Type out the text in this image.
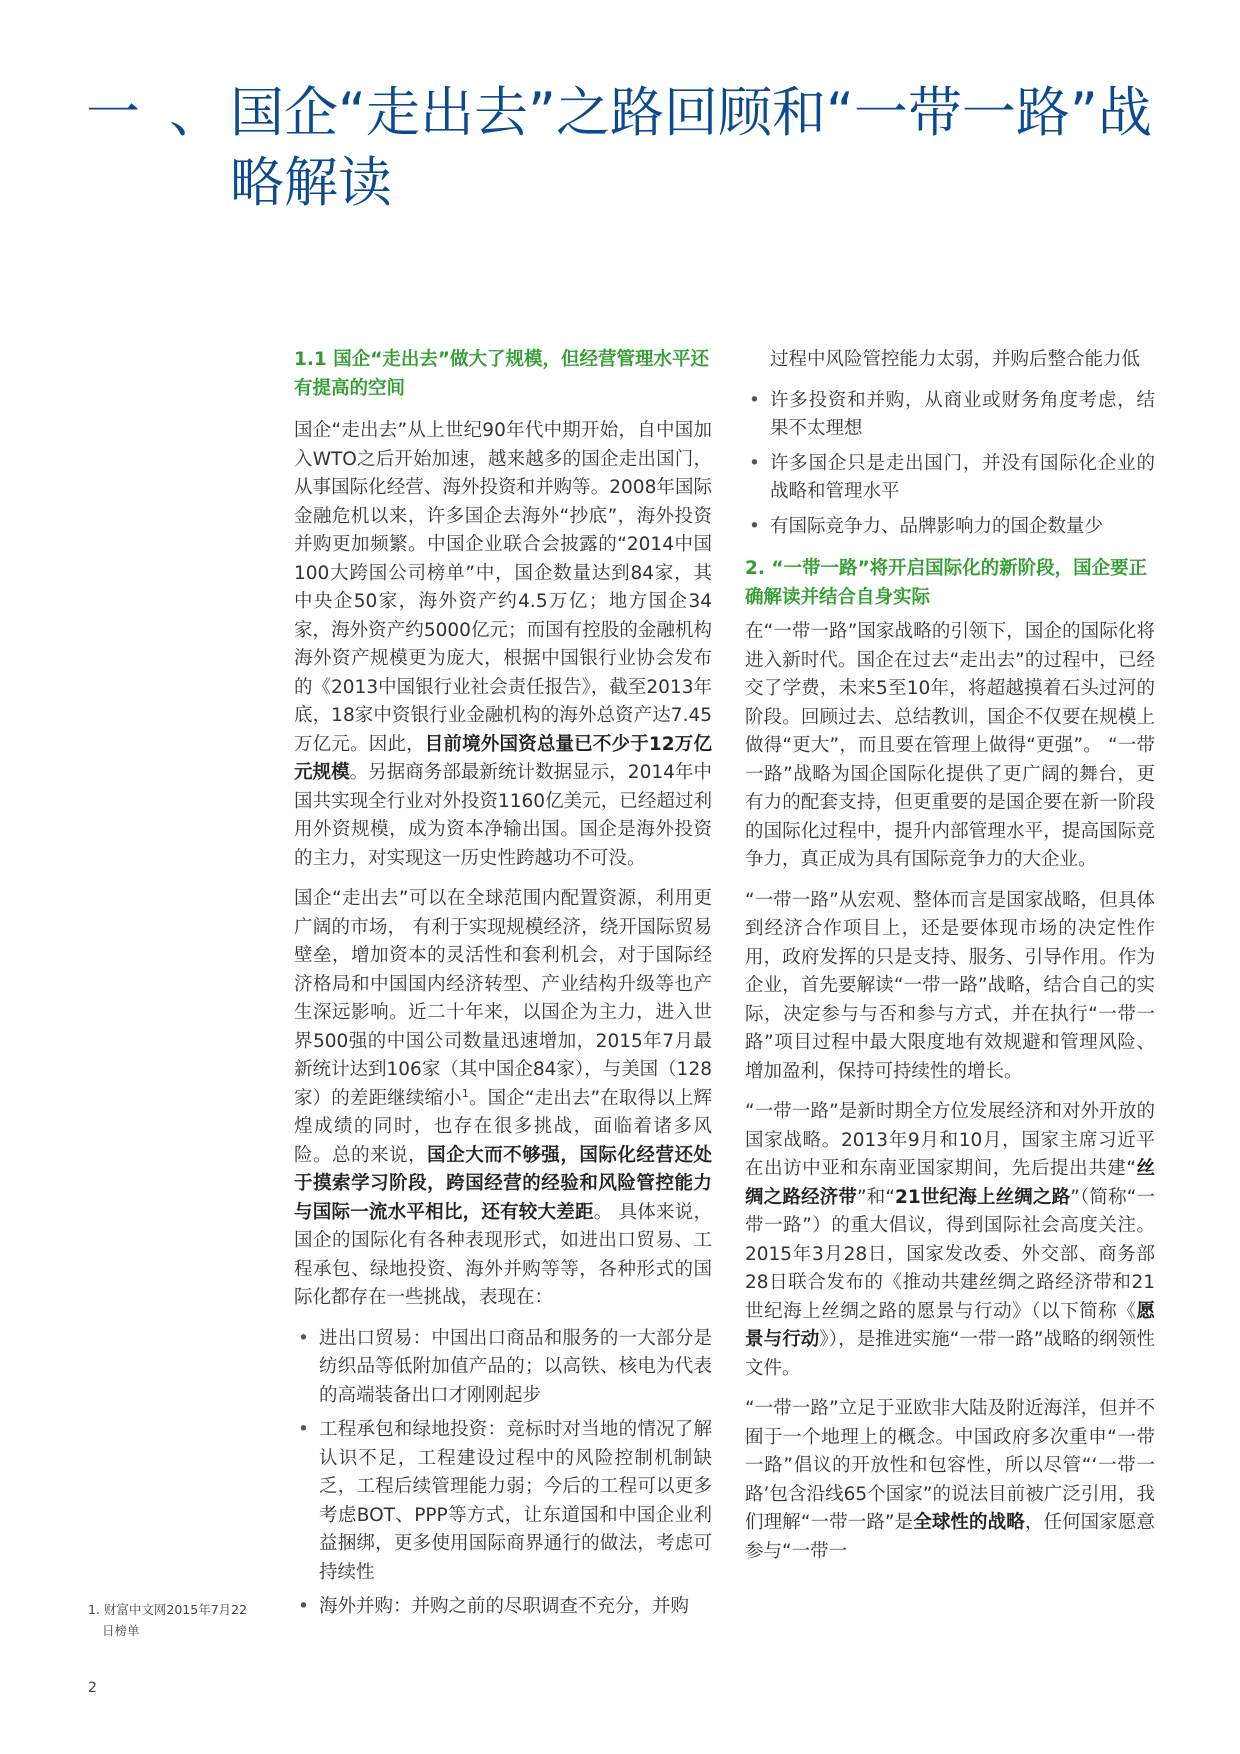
一 、 国企“走出去”之路回顾和“一带一路”战略解读
1.1 国企“走出去”做大了规模，但经营管理水平还有提高的空间

国企“走出去”从上世纪90年代中期开始，自中国加入WTO之后开始加速，越来越多的国企走出国门，从事国际化经营、海外投资和并购等。2008年国际金融危机以来，许多国企去海外“抄底”，海外投资并购更加频繁。中国企业联合会披露的“2014中国100大跨国公司榜单”中，国企数量达到84家，其中央企50家，海外资产约4.5万亿；地方国企34家，海外资产约5000亿元；而国有控股的金融机构海外资产规模更为庞大，根据中国银行业协会发布的《2013中国银行业社会责任报告》，截至2013年底，18家中资银行业金融机构的海外总资产达7.45万亿元。因此，目前境外国资总量已不少于12万亿元规模。另据商务部最新统计数据显示，2014年中国共实现全行业对外投资1160亿美元，已经超过利用外资规模，成为资本净输出国。国企是海外投资的主力，对实现这一历史性跨越功不可没。

国企“走出去”可以在全球范围内配置资源，利用更广阔的市场， 有利于实现规模经济，绕开国际贸易壁垒，增加资本的灵活性和套利机会，对于国际经济格局和中国国内经济转型、产业结构升级等也产生深远影响。近二十年来，以国企为主力，进入世界500强的中国公司数量迅速增加，2015年7月最新统计达到106家（其中国企84家），与美国（128家）的差距继续缩小$^1$。国企“走出去”在取得以上辉煌成绩的同时，也存在很多挑战，面临着诸多风险。总的来说，国企大而不够强，国际化经营还处于摸索学习阶段，跨国经营的经验和风险管控能力与国际一流水平相比，还有较大差距。 具体来说，国企的国际化有各种表现形式，如进出口贸易、工程承包、绿地投资、海外并购等等，各种形式的国际化都存在一些挑战，表现在：

• 进出口贸易：中国出口商品和服务的一大部分是纺织品等低附加值产品的；以高铁、核电为代表的高端装备出口才刚刚起步
• 工程承包和绿地投资：竞标时对当地的情况了解认识不足，工程建设过程中的风险控制机制缺乏，工程后续管理能力弱；今后的工程可以更多考虑BOT、PPP等方式，让东道国和中国企业利益捆绑，更多使用国际商界通行的做法，考虑可持续性
• 海外并购：并购之前的尽职调查不充分，并购
过程中风险管控能力太弱，并购后整合能力低
• 许多投资和并购，从商业或财务角度考虑，结果不太理想
• 许多国企只是走出国门，并没有国际化企业的战略和管理水平
• 有国际竞争力、品牌影响力的国企数量少
2. “一带一路”将开启国际化的新阶段，国企要正确解读并结合自身实际

在“一带一路”国家战略的引领下，国企的国际化将进入新时代。国企在过去“走出去”的过程中，已经交了学费，未来5至10年，将超越摸着石头过河的阶段。回顾过去、总结教训，国企不仅要在规模上做得“更大”，而且要在管理上做得“更强”。 “一带一路”战略为国企国际化提供了更广阔的舞台，更有力的配套支持，但更重要的是国企要在新一阶段的国际化过程中，提升内部管理水平，提高国际竞争力，真正成为具有国际竞争力的大企业。

“一带一路”从宏观、整体而言是国家战略，但具体到经济合作项目上，还是要体现市场的决定性作用，政府发挥的只是支持、服务、引导作用。作为企业，首先要解读“一带一路”战略，结合自己的实际，决定参与与否和参与方式，并在执行“一带一路”项目过程中最大限度地有效规避和管理风险、增加盈利，保持可持续性的增长。

“一带一路”是新时期全方位发展经济和对外开放的国家战略。2013年9月和10月，国家主席习近平在出访中亚和东南亚国家期间，先后提出共建“丝绸之路经济带”和“21世纪海上丝绸之路”（简称“一带一路”）的重大倡议，得到国际社会高度关注。2015年3月28日，国家发改委、外交部、商务部28日联合发布的《推动共建丝绸之路经济带和21世纪海上丝绸之路的愿景与行动》（以下简称《愿景与行动》），是推进实施“一带一路”战略的纲领性文件。

“一带一路”立足于亚欧非大陆及附近海洋，但并不囿于一个地理上的概念。中国政府多次重申“一带一路”倡议的开放性和包容性，所以尽管“‘一带一路’包含沿线65个国家”的说法目前被广泛引用，我们理解“一带一路”是全球性的战略，任何国家愿意参与“一带一

1. 财富中文网2015年7月22
日榜单
2
